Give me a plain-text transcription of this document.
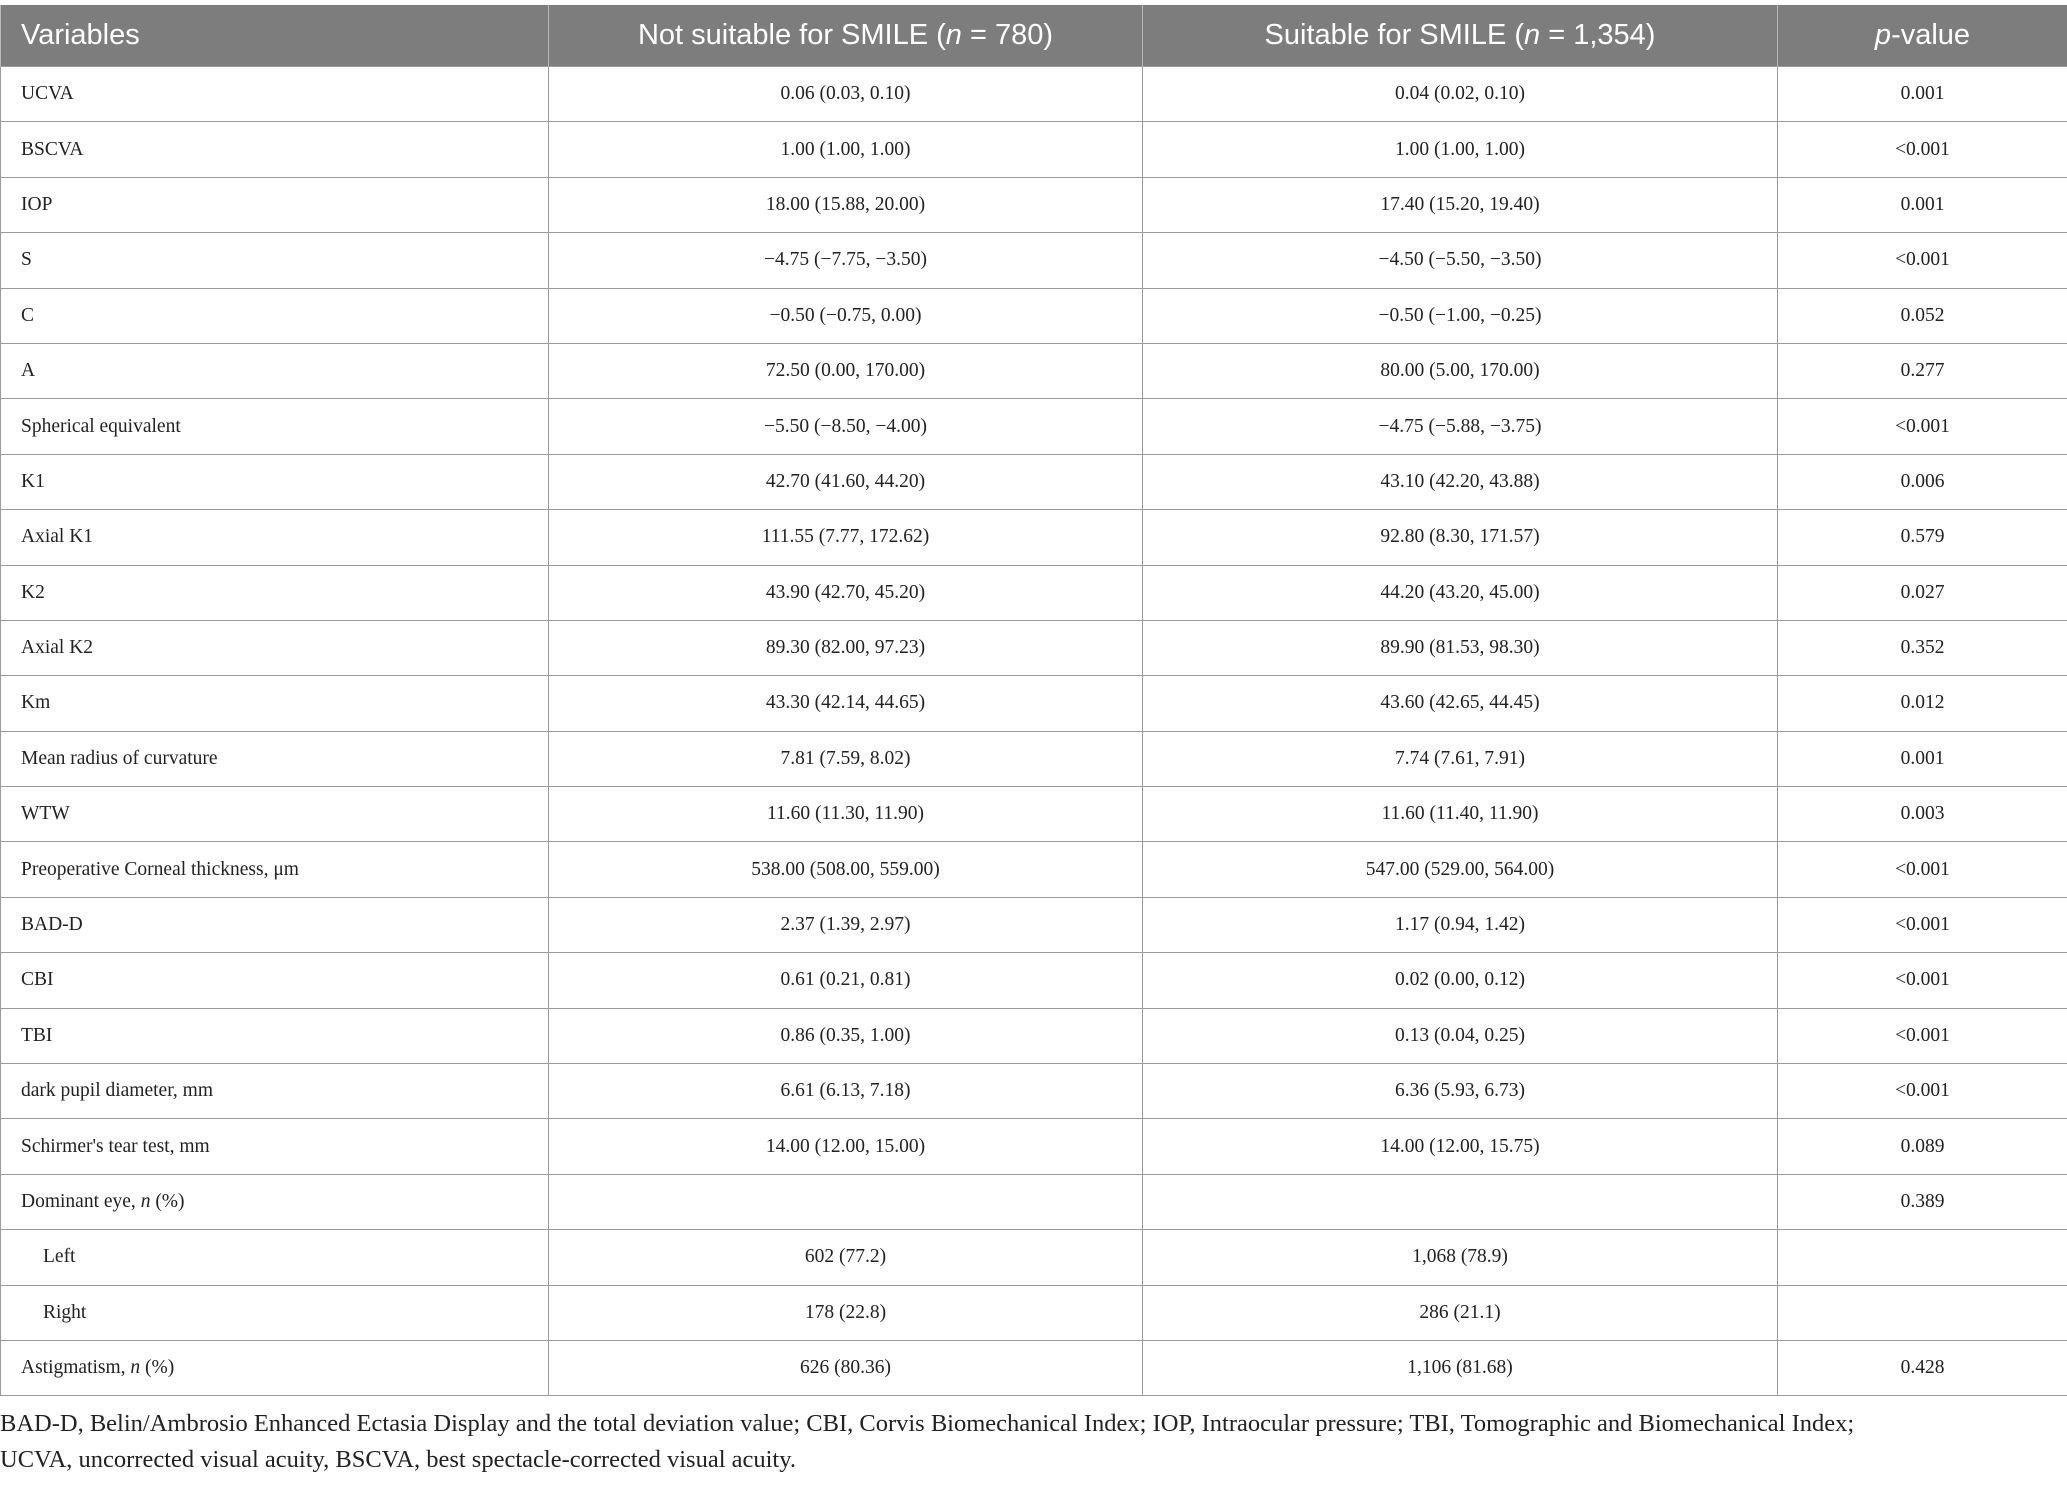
Variables	Not suitable for SMILE (n = 780)	Suitable for SMILE (n = 1,354)	p-value
UCVA	0.06 (0.03, 0.10)	0.04 (0.02, 0.10)	0.001
BSCVA	1.00 (1.00, 1.00)	1.00 (1.00, 1.00)	<0.001
IOP	18.00 (15.88, 20.00)	17.40 (15.20, 19.40)	0.001
S	−4.75 (−7.75, −3.50)	−4.50 (−5.50, −3.50)	<0.001
C	−0.50 (−0.75, 0.00)	−0.50 (−1.00, −0.25)	0.052
A	72.50 (0.00, 170.00)	80.00 (5.00, 170.00)	0.277
Spherical equivalent	−5.50 (−8.50, −4.00)	−4.75 (−5.88, −3.75)	<0.001
K1	42.70 (41.60, 44.20)	43.10 (42.20, 43.88)	0.006
Axial K1	111.55 (7.77, 172.62)	92.80 (8.30, 171.57)	0.579
K2	43.90 (42.70, 45.20)	44.20 (43.20, 45.00)	0.027
Axial K2	89.30 (82.00, 97.23)	89.90 (81.53, 98.30)	0.352
Km	43.30 (42.14, 44.65)	43.60 (42.65, 44.45)	0.012
Mean radius of curvature	7.81 (7.59, 8.02)	7.74 (7.61, 7.91)	0.001
WTW	11.60 (11.30, 11.90)	11.60 (11.40, 11.90)	0.003
Preoperative Corneal thickness, μm	538.00 (508.00, 559.00)	547.00 (529.00, 564.00)	<0.001
BAD-D	2.37 (1.39, 2.97)	1.17 (0.94, 1.42)	<0.001
CBI	0.61 (0.21, 0.81)	0.02 (0.00, 0.12)	<0.001
TBI	0.86 (0.35, 1.00)	0.13 (0.04, 0.25)	<0.001
dark pupil diameter, mm	6.61 (6.13, 7.18)	6.36 (5.93, 6.73)	<0.001
Schirmer's tear test, mm	14.00 (12.00, 15.00)	14.00 (12.00, 15.75)	0.089
Dominant eye, n (%)			0.389
Left	602 (77.2)	1,068 (78.9)	
Right	178 (22.8)	286 (21.1)	
Astigmatism, n (%)	626 (80.36)	1,106 (81.68)	0.428
BAD-D, Belin/Ambrosio Enhanced Ectasia Display and the total deviation value; CBI, Corvis Biomechanical Index; IOP, Intraocular pressure; TBI, Tomographic and Biomechanical Index;
UCVA, uncorrected visual acuity, BSCVA, best spectacle-corrected visual acuity.
